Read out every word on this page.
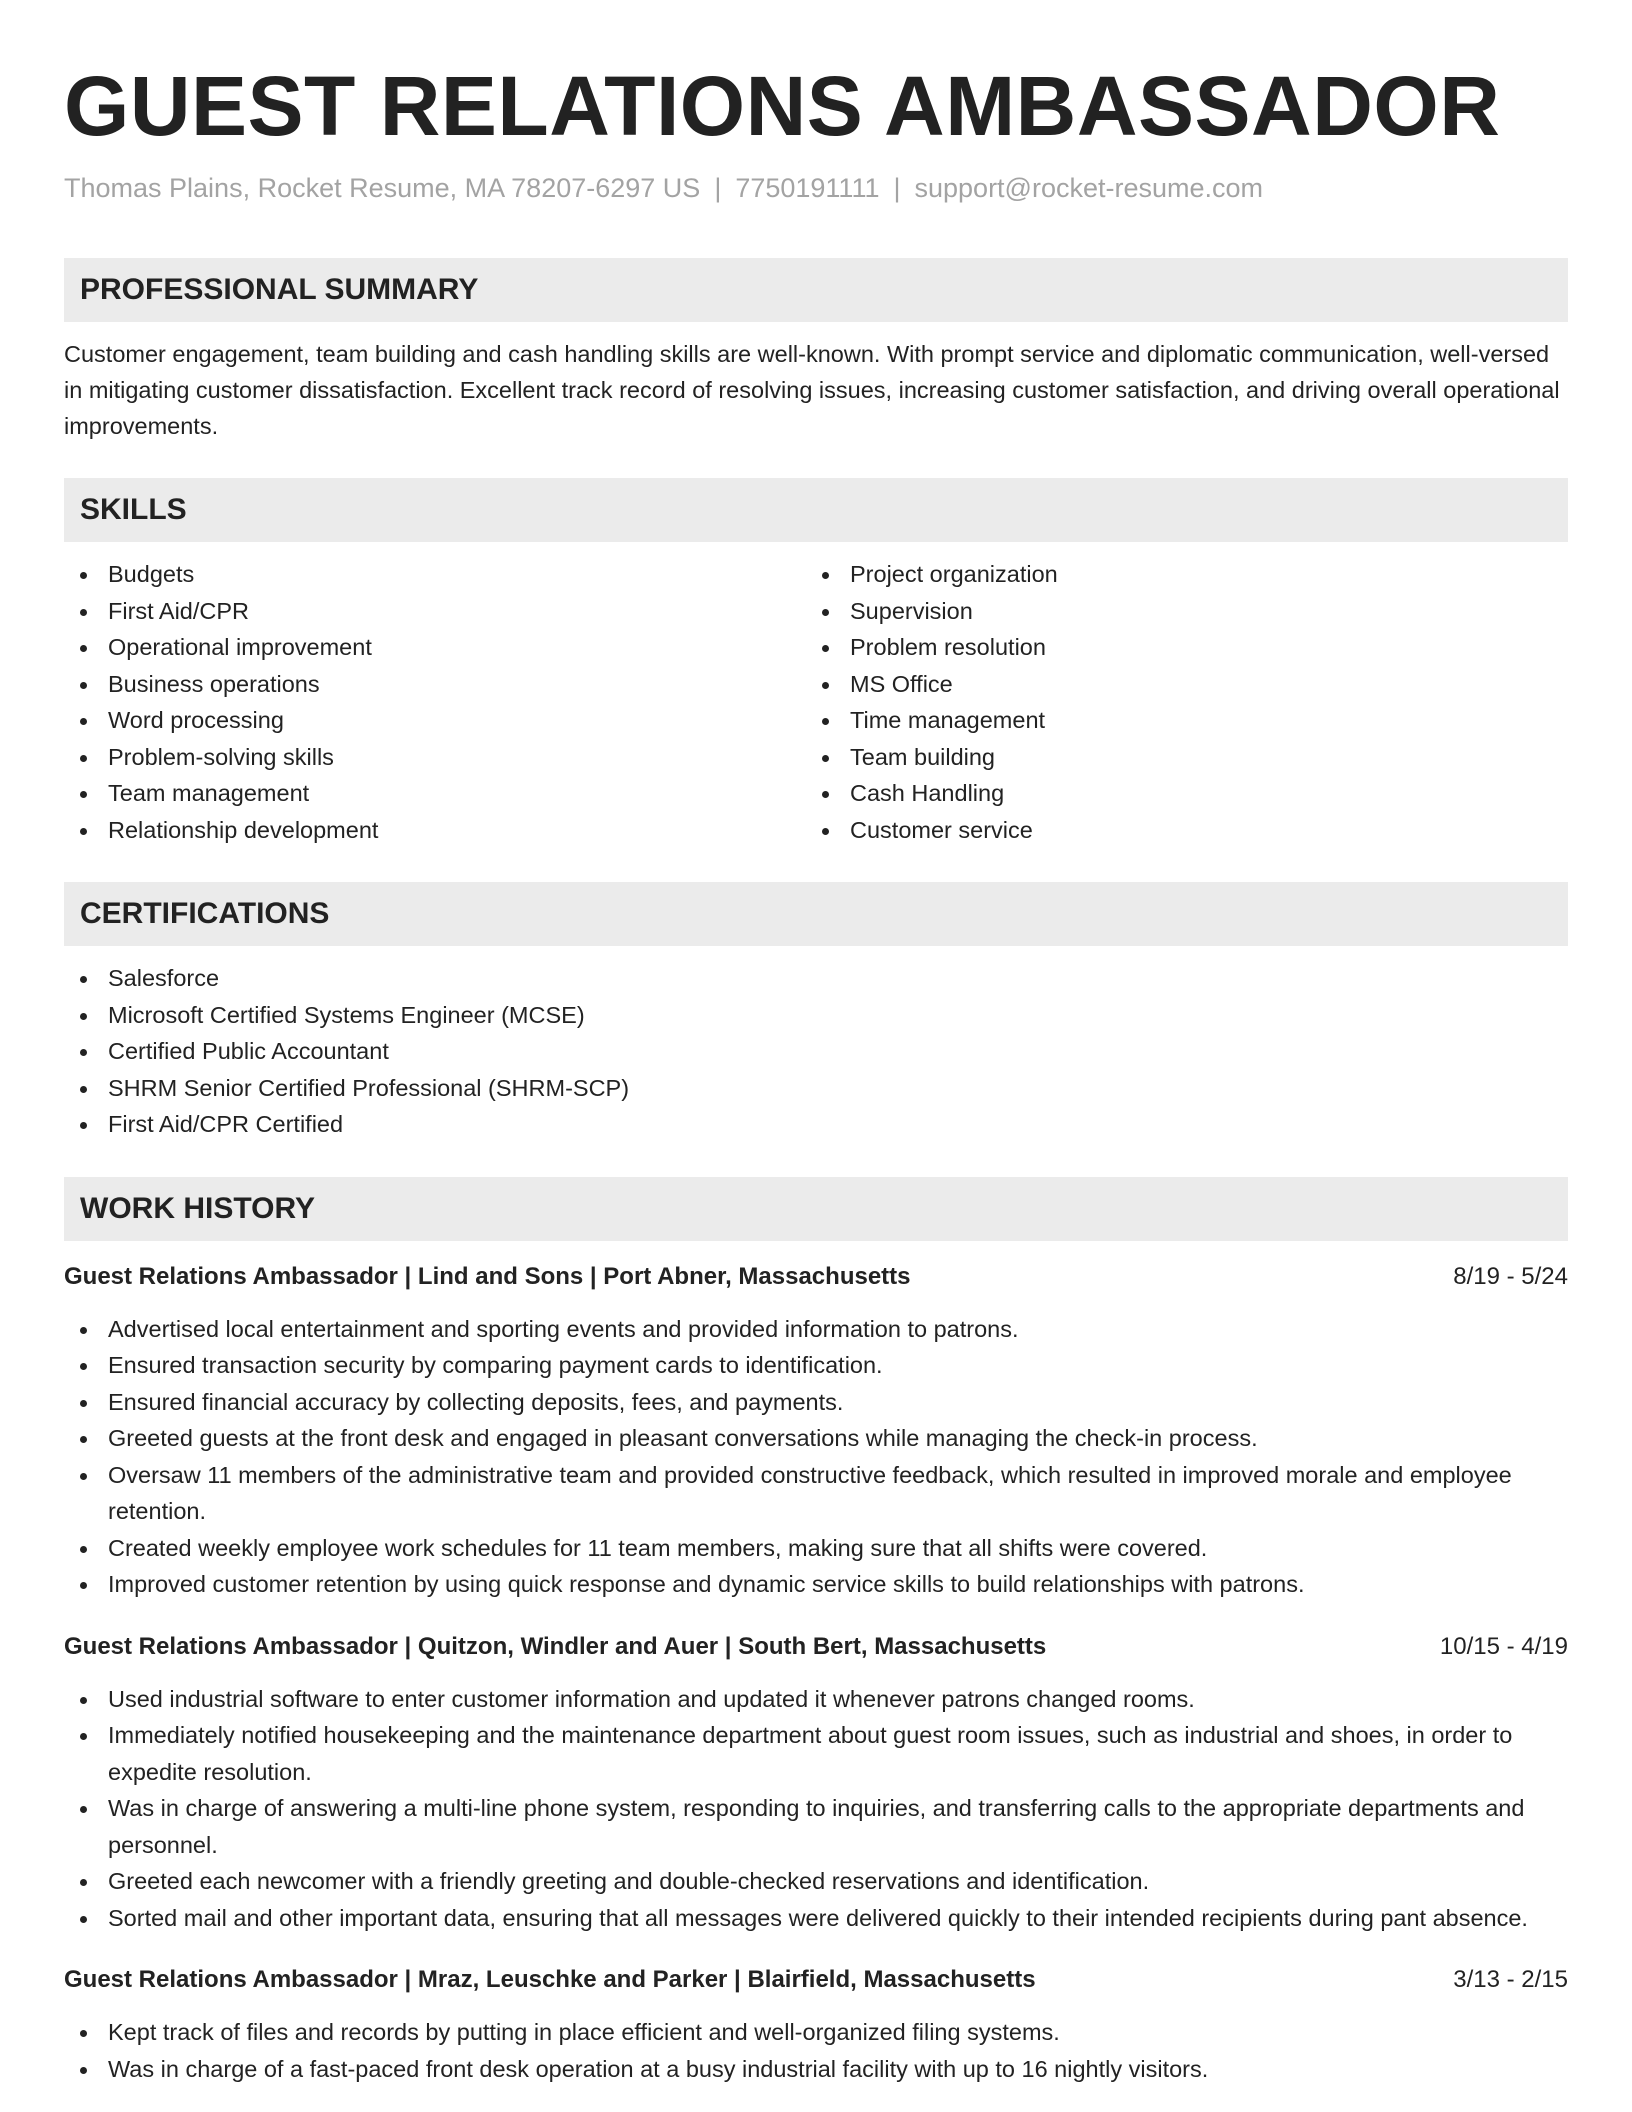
GUEST RELATIONS AMBASSADOR
Thomas Plains, Rocket Resume, MA 78207-6297 US | 7750191111 | support@rocket-resume.com
PROFESSIONAL SUMMARY
Customer engagement, team building and cash handling skills are well-known. With prompt service and diplomatic communication, well-versed in mitigating customer dissatisfaction. Excellent track record of resolving issues, increasing customer satisfaction, and driving overall operational improvements.
SKILLS
Budgets
First Aid/CPR
Operational improvement
Business operations
Word processing
Problem-solving skills
Team management
Relationship development
Project organization
Supervision
Problem resolution
MS Office
Time management
Team building
Cash Handling
Customer service
CERTIFICATIONS
Salesforce
Microsoft Certified Systems Engineer (MCSE)
Certified Public Accountant
SHRM Senior Certified Professional (SHRM-SCP)
First Aid/CPR Certified
WORK HISTORY
Guest Relations Ambassador | Lind and Sons | Port Abner, Massachusetts	8/19 - 5/24
Advertised local entertainment and sporting events and provided information to patrons.
Ensured transaction security by comparing payment cards to identification.
Ensured financial accuracy by collecting deposits, fees, and payments.
Greeted guests at the front desk and engaged in pleasant conversations while managing the check-in process.
Oversaw 11 members of the administrative team and provided constructive feedback, which resulted in improved morale and employee retention.
Created weekly employee work schedules for 11 team members, making sure that all shifts were covered.
Improved customer retention by using quick response and dynamic service skills to build relationships with patrons.
Guest Relations Ambassador | Quitzon, Windler and Auer | South Bert, Massachusetts	10/15 - 4/19
Used industrial software to enter customer information and updated it whenever patrons changed rooms.
Immediately notified housekeeping and the maintenance department about guest room issues, such as industrial and shoes, in order to expedite resolution.
Was in charge of answering a multi-line phone system, responding to inquiries, and transferring calls to the appropriate departments and personnel.
Greeted each newcomer with a friendly greeting and double-checked reservations and identification.
Sorted mail and other important data, ensuring that all messages were delivered quickly to their intended recipients during pant absence.
Guest Relations Ambassador | Mraz, Leuschke and Parker | Blairfield, Massachusetts	3/13 - 2/15
Kept track of files and records by putting in place efficient and well-organized filing systems.
Was in charge of a fast-paced front desk operation at a busy industrial facility with up to 16 nightly visitors.
